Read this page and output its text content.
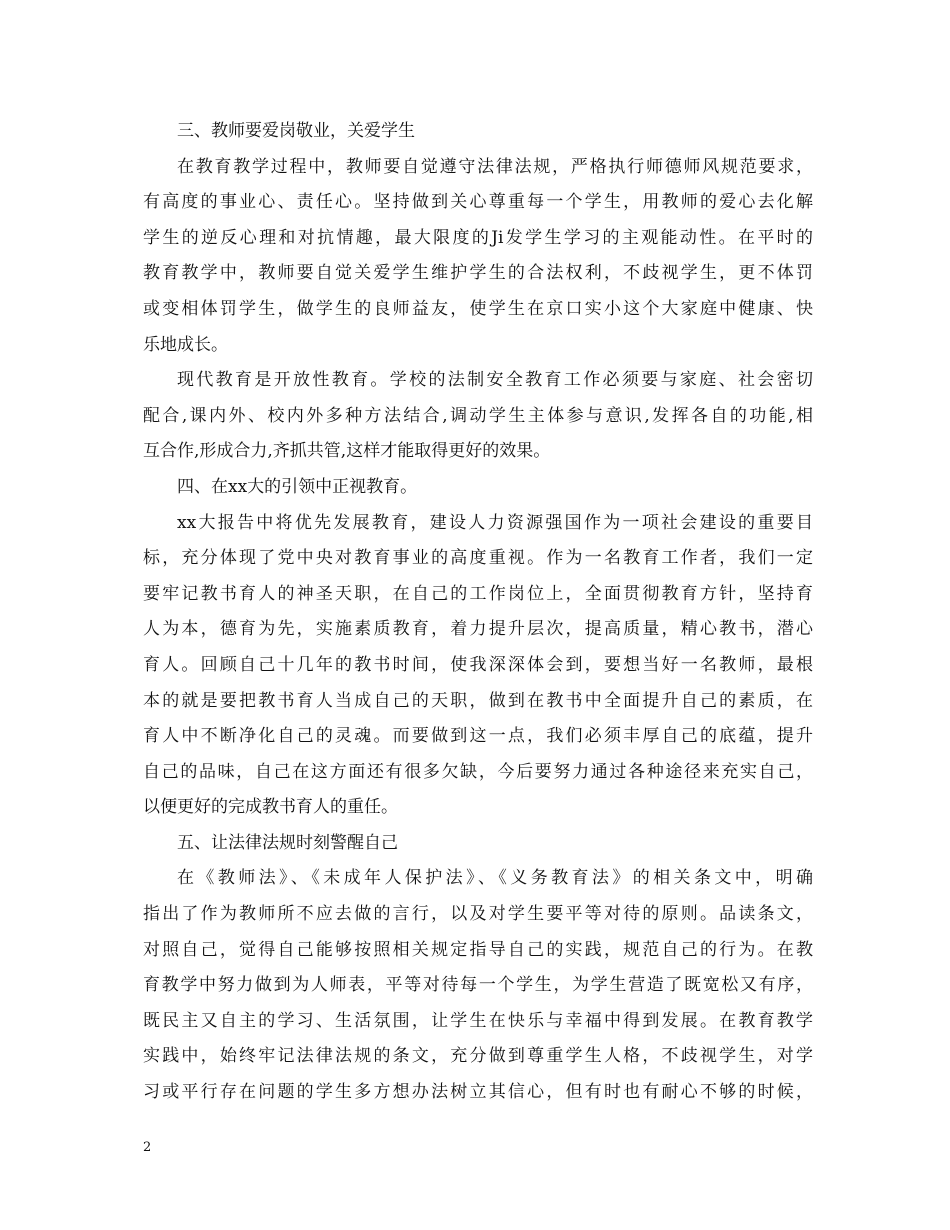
三、教师要爱岗敬业，关爱学生
在教育教学过程中，教师要自觉遵守法律法规，严格执行师德师风规范要求，
有高度的事业心、责任心。坚持做到关心尊重每一个学生，用教师的爱心去化解
学生的逆反心理和对抗情趣，最大限度的Ji发学生学习的主观能动性。在平时的
教育教学中，教师要自觉关爱学生维护学生的合法权利，不歧视学生，更不体罚
或变相体罚学生，做学生的良师益友，使学生在京口实小这个大家庭中健康、快
乐地成长。
现代教育是开放性教育。学校的法制安全教育工作必须要与家庭、社会密切
配合,课内外、校内外多种方法结合,调动学生主体参与意识,发挥各自的功能,相
互合作,形成合力,齐抓共管,这样才能取得更好的效果。
四、在xx大的引领中正视教育。
xx大报告中将优先发展教育，建设人力资源强国作为一项社会建设的重要目
标，充分体现了党中央对教育事业的高度重视。作为一名教育工作者，我们一定
要牢记教书育人的神圣天职，在自己的工作岗位上，全面贯彻教育方针，坚持育
人为本，德育为先，实施素质教育，着力提升层次，提高质量，精心教书，潜心
育人。回顾自己十几年的教书时间，使我深深体会到，要想当好一名教师，最根
本的就是要把教书育人当成自己的天职，做到在教书中全面提升自己的素质，在
育人中不断净化自己的灵魂。而要做到这一点，我们必须丰厚自己的底蕴，提升
自己的品味，自己在这方面还有很多欠缺，今后要努力通过各种途径来充实自己，
以便更好的完成教书育人的重任。
五、让法律法规时刻警醒自己
在《教师法》、《未成年人保护法》、《义务教育法》的相关条文中，明确
指出了作为教师所不应去做的言行，以及对学生要平等对待的原则。品读条文，
对照自己，觉得自己能够按照相关规定指导自己的实践，规范自己的行为。在教
育教学中努力做到为人师表，平等对待每一个学生，为学生营造了既宽松又有序，
既民主又自主的学习、生活氛围，让学生在快乐与幸福中得到发展。在教育教学
实践中，始终牢记法律法规的条文，充分做到尊重学生人格，不歧视学生，对学
习或平行存在问题的学生多方想办法树立其信心，但有时也有耐心不够的时候，
2
